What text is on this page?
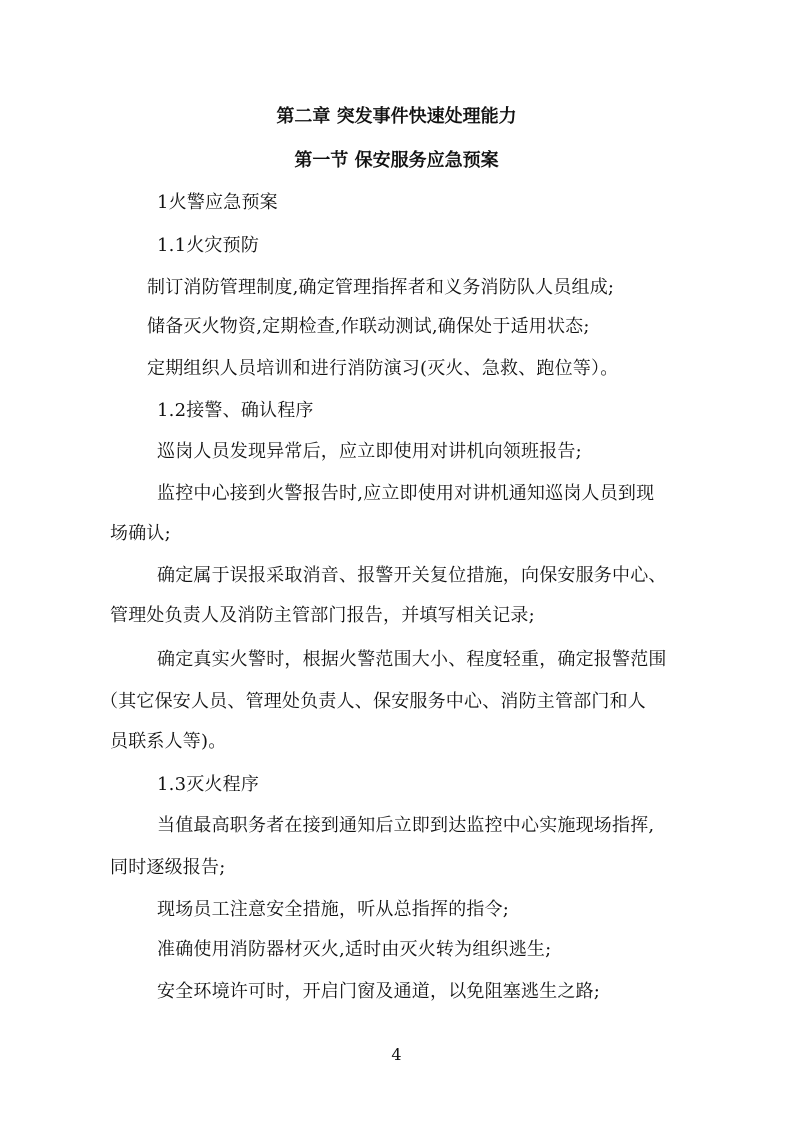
第二章 突发事件快速处理能力
第一节 保安服务应急预案
1火警应急预案
1.1火灾预防
制订消防管理制度,确定管理指挥者和义务消防队人员组成;
储备灭火物资,定期检查,作联动测试,确保处于适用状态;
定期组织人员培训和进行消防演习(灭火、急救、跑位等）。
1.2接警、确认程序
巡岗人员发现异常后，应立即使用对讲机向领班报告;
监控中心接到火警报告时,应立即使用对讲机通知巡岗人员到现
场确认;
确定属于误报采取消音、报警开关复位措施，向保安服务中心、
管理处负责人及消防主管部门报告，并填写相关记录;
确定真实火警时，根据火警范围大小、程度轻重，确定报警范围
（其它保安人员、管理处负责人、保安服务中心、消防主管部门和人
员联系人等)。
1.3灭火程序
当值最高职务者在接到通知后立即到达监控中心实施现场指挥,
同时逐级报告;
现场员工注意安全措施，听从总指挥的指令;
准确使用消防器材灭火,适时由灭火转为组织逃生;
安全环境许可时，开启门窗及通道，以免阻塞逃生之路;
4
